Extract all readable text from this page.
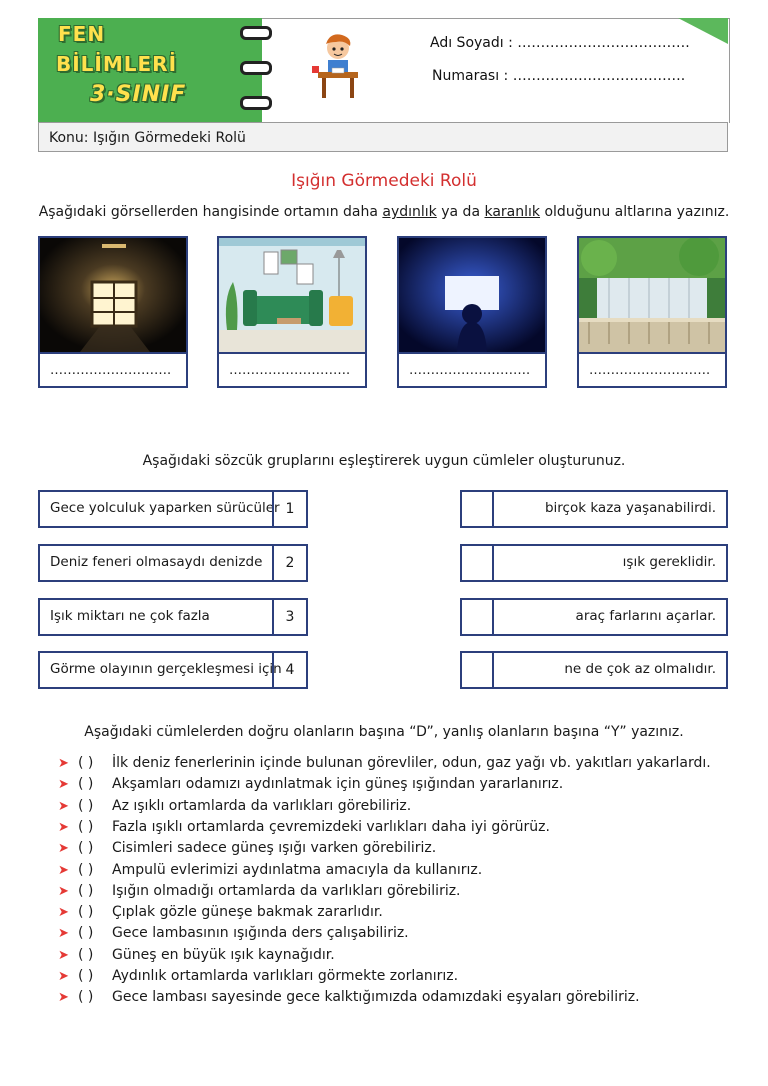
FEN
BİLİMLERİ
3·SINIF
Adı Soyadı : ……………………………….
Numarası : ……………………………….
Konu: Işığın Görmedeki Rolü
Işığın Görmedeki Rolü
Aşağıdaki görsellerden hangisinde ortamın daha aydınlık ya da karanlık olduğunu altlarına yazınız.
……………………….	……………………….	……………………….	……………………….
Aşağıdaki sözcük gruplarını eşleştirerek uygun cümleler oluşturunuz.
Gece yolculuk yaparken sürücüler 1
Deniz feneri olmasaydı denizde	2
Işık miktarı ne çok fazla	3
Görme olayının gerçekleşmesi için 4
birçok kaza yaşanabilirdi.
ışık gereklidir.
araç farlarını açarlar.
ne de çok az olmalıdır.
Aşağıdaki cümlelerden doğru olanların başına “D”, yanlış olanların başına “Y” yazınız.
➤ ( ) İlk deniz fenerlerinin içinde bulunan görevliler, odun, gaz yağı vb. yakıtları yakarlardı.
➤ ( ) Akşamları odamızı aydınlatmak için güneş ışığından yararlanırız.
➤ ( ) Az ışıklı ortamlarda da varlıkları görebiliriz.
➤ ( ) Fazla ışıklı ortamlarda çevremizdeki varlıkları daha iyi görürüz.
➤ ( ) Cisimleri sadece güneş ışığı varken görebiliriz.
➤ ( ) Ampulü evlerimizi aydınlatma amacıyla da kullanırız.
➤ ( ) Işığın olmadığı ortamlarda da varlıkları görebiliriz.
➤ ( ) Çıplak gözle güneşe bakmak zararlıdır.
➤ ( ) Gece lambasının ışığında ders çalışabiliriz.
➤ ( ) Güneş en büyük ışık kaynağıdır.
➤ ( ) Aydınlık ortamlarda varlıkları görmekte zorlanırız.
➤ ( ) Gece lambası sayesinde gece kalktığımızda odamızdaki eşyaları görebiliriz.
